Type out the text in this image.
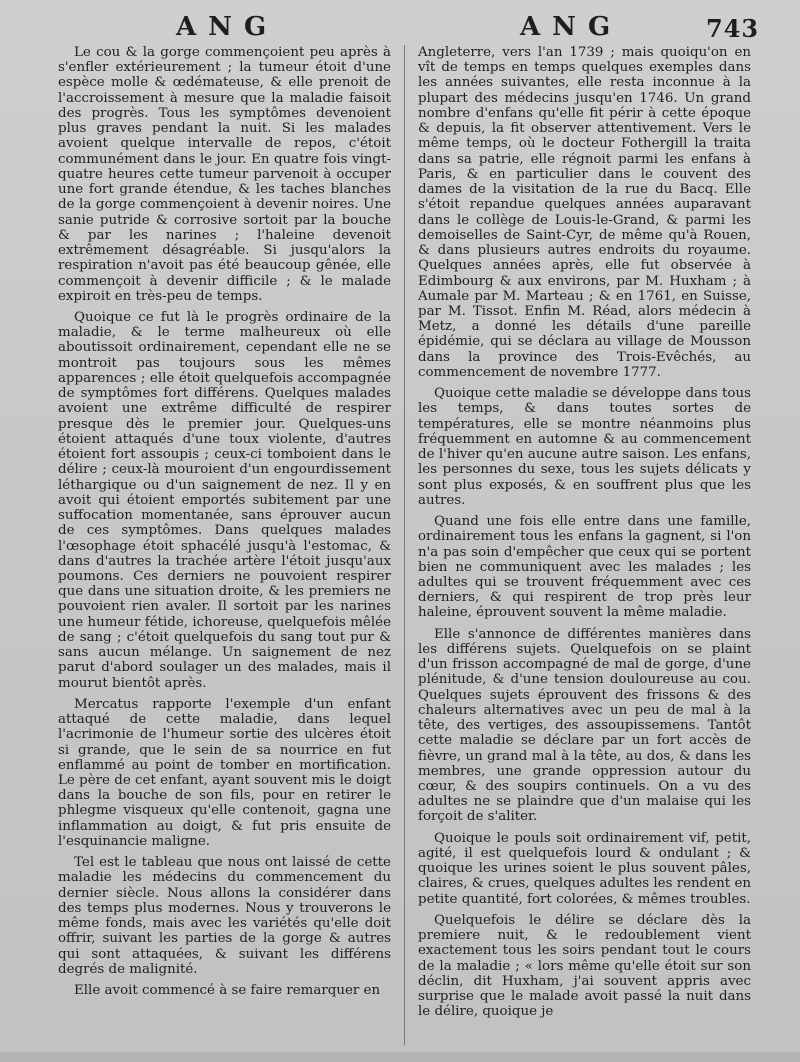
ANG	ANG	743

Le cou & la gorge commençoient peu après à s'enfler extérieurement ; la tumeur étoit d'une espèce molle & œdémateuse, & elle prenoit de l'accroissement à mesure que la maladie faisoit des progrès. Tous les symptômes devenoient plus graves pendant la nuit. Si les malades avoient quelque intervalle de repos, c'étoit communément dans le jour. En quatre fois vingt-quatre heures cette tumeur parvenoit à occuper une fort grande étendue, & les taches blanches de la gorge commençoient à devenir noires. Une sanie putride & corrosive sortoit par la bouche & par les narines ; l'haleine devenoit extrêmement désagréable. Si jusqu'alors la respiration n'avoit pas été beaucoup gênée, elle commençoit à devenir difficile ; & le malade expiroit en très-peu de temps.

Quoique ce fut là le progrès ordinaire de la maladie, & le terme malheureux où elle aboutissoit ordinairement, cependant elle ne se montroit pas toujours sous les mêmes apparences ; elle étoit quelquefois accompagnée de symptômes fort différens. Quelques malades avoient une extrême difficulté de respirer presque dès le premier jour. Quelques-uns étoient attaqués d'une toux violente, d'autres étoient fort assoupis ; ceux-ci tomboient dans le délire ; ceux-là mouroient d'un engourdissement léthargique ou d'un saignement de nez. Il y en avoit qui étoient emportés subitement par une suffocation momentanée, sans éprouver aucun de ces symptômes. Dans quelques malades l'œsophage étoit sphacélé jusqu'à l'estomac, & dans d'autres la trachée artère l'étoit jusqu'aux poumons. Ces derniers ne pouvoient respirer que dans une situation droite, & les premiers ne pouvoient rien avaler. Il sortoit par les narines une humeur fétide, ichoreuse, quelquefois mêlée de sang ; c'étoit quelquefois du sang tout pur & sans aucun mélange. Un saignement de nez parut d'abord soulager un des malades, mais il mourut bientôt après.

Mercatus rapporte l'exemple d'un enfant attaqué de cette maladie, dans lequel l'acrimonie de l'humeur sortie des ulcères étoit si grande, que le sein de sa nourrice en fut enflammé au point de tomber en mortification. Le père de cet enfant, ayant souvent mis le doigt dans la bouche de son fils, pour en retirer le phlegme visqueux qu'elle contenoit, gagna une inflammation au doigt, & fut pris ensuite de l'esquinancie maligne.

Tel est le tableau que nous ont laissé de cette maladie les médecins du commencement du dernier siècle. Nous allons la considérer dans des temps plus modernes. Nous y trouverons le même fonds, mais avec les variétés qu'elle doit offrir, suivant les parties de la gorge & autres qui sont attaquées, & suivant les différens degrés de malignité.

Elle avoit commencé à se faire remarquer en

Angleterre, vers l'an 1739 ; mais quoiqu'on en vît de temps en temps quelques exemples dans les années suivantes, elle resta inconnue à la plupart des médecins jusqu'en 1746. Un grand nombre d'enfans qu'elle fit périr à cette époque & depuis, la fit observer attentivement. Vers le même temps, où le docteur Fothergill la traita dans sa patrie, elle régnoit parmi les enfans à Paris, & en particulier dans le couvent des dames de la visitation de la rue du Bacq. Elle s'étoit repandue quelques années auparavant dans le collège de Louis-le-Grand, & parmi les demoiselles de Saint-Cyr, de même qu'à Rouen, & dans plusieurs autres endroits du royaume. Quelques années après, elle fut observée à Edimbourg & aux environs, par M. Huxham ; à Aumale par M. Marteau ; & en 1761, en Suisse, par M. Tissot. Enfin M. Réad, alors médecin à Metz, a donné les détails d'une pareille épidémie, qui se déclara au village de Mousson dans la province des Trois-Evêchés, au commencement de novembre 1777.

Quoique cette maladie se développe dans tous les temps, & dans toutes sortes de températures, elle se montre néanmoins plus fréquemment en automne & au commencement de l'hiver qu'en aucune autre saison. Les enfans, les personnes du sexe, tous les sujets délicats y sont plus exposés, & en souffrent plus que les autres.

Quand une fois elle entre dans une famille, ordinairement tous les enfans la gagnent, si l'on n'a pas soin d'empêcher que ceux qui se portent bien ne communiquent avec les malades ; les adultes qui se trouvent fréquemment avec ces derniers, & qui respirent de trop près leur haleine, éprouvent souvent la même maladie.

Elle s'annonce de différentes manières dans les différens sujets. Quelquefois on se plaint d'un frisson accompagné de mal de gorge, d'une plénitude, & d'une tension douloureuse au cou. Quelques sujets éprouvent des frissons & des chaleurs alternatives avec un peu de mal à la tête, des vertiges, des assoupissemens. Tantôt cette maladie se déclare par un fort accès de fièvre, un grand mal à la tête, au dos, & dans les membres, une grande oppression autour du cœur, & des soupirs continuels. On a vu des adultes ne se plaindre que d'un malaise qui les forçoit de s'aliter.

Quoique le pouls soit ordinairement vif, petit, agité, il est quelquefois lourd & ondulant ; & quoique les urines soient le plus souvent pâles, claires, & crues, quelques adultes les rendent en petite quantité, fort colorées, & mêmes troubles.

Quelquefois le délire se déclare dès la premiere nuit, & le redoublement vient exactement tous les soirs pendant tout le cours de la maladie ; « lors même qu'elle étoit sur son déclin, dit Huxham, j'ai souvent appris avec surprise que le malade avoit passé la nuit dans le délire, quoique je
